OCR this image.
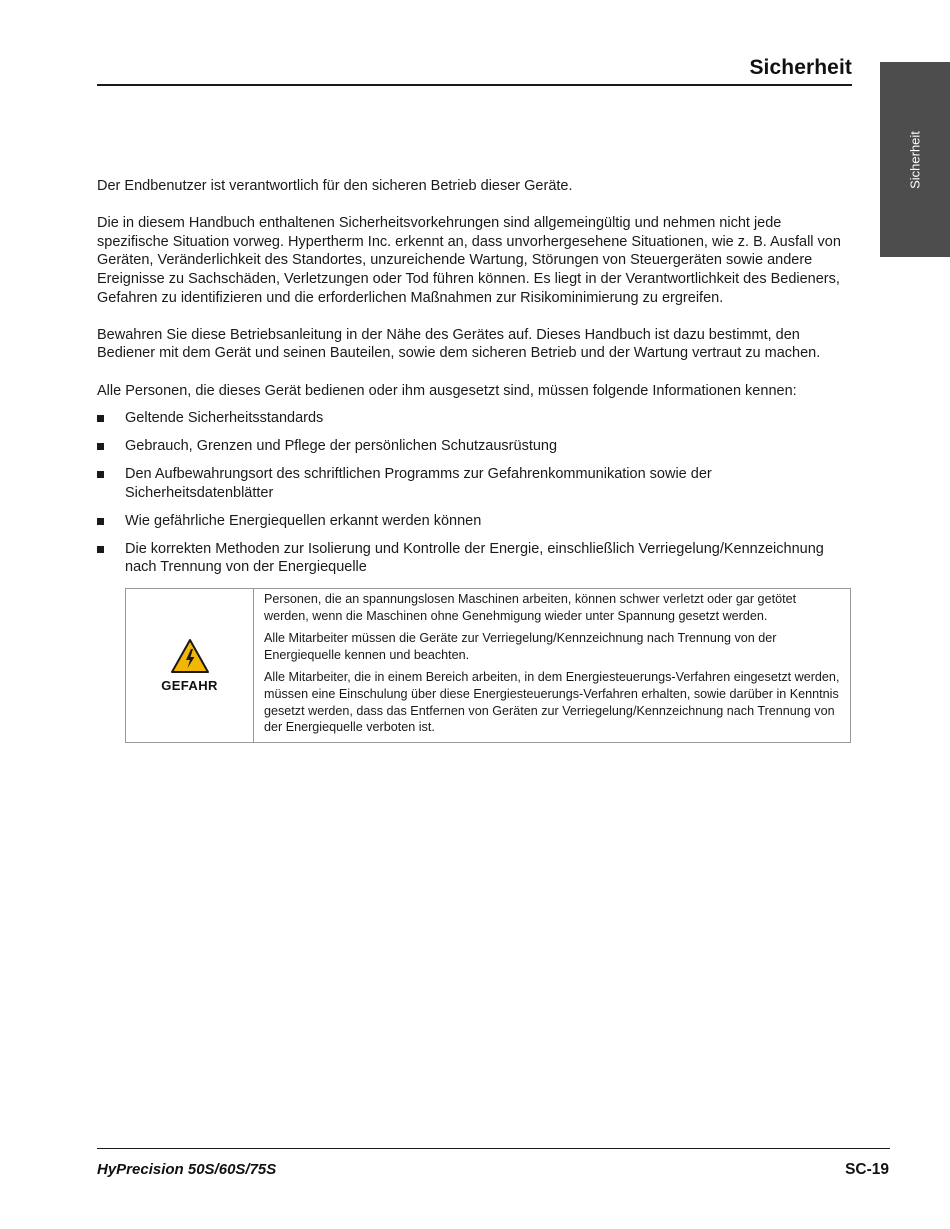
Sicherheit
Sicherheit

Der Endbenutzer ist verantwortlich für den sicheren Betrieb dieser Geräte.

Die in diesem Handbuch enthaltenen Sicherheitsvorkehrungen sind allgemeingültig und nehmen nicht jede spezifische Situation vorweg. Hypertherm Inc. erkennt an, dass unvorhergesehene Situationen, wie z. B. Ausfall von Geräten, Veränderlichkeit des Standortes, unzureichende Wartung, Störungen von Steuergeräten sowie andere Ereignisse zu Sachschäden, Verletzungen oder Tod führen können. Es liegt in der Verantwortlichkeit des Bedieners, Gefahren zu identifizieren und die erforderlichen Maßnahmen zur Risikominimierung zu ergreifen.

Bewahren Sie diese Betriebsanleitung in der Nähe des Gerätes auf. Dieses Handbuch ist dazu bestimmt, den Bediener mit dem Gerät und seinen Bauteilen, sowie dem sicheren Betrieb und der Wartung vertraut zu machen.

Alle Personen, die dieses Gerät bedienen oder ihm ausgesetzt sind, müssen folgende Informationen kennen:

Geltende Sicherheitsstandards
Gebrauch, Grenzen und Pflege der persönlichen Schutzausrüstung
Den Aufbewahrungsort des schriftlichen Programms zur Gefahrenkommunikation sowie der Sicherheitsdatenblätter
Wie gefährliche Energiequellen erkannt werden können
Die korrekten Methoden zur Isolierung und Kontrolle der Energie, einschließlich Verriegelung/Kennzeichnung nach Trennung von der Energiequelle
GEFAHR

Personen, die an spannungslosen Maschinen arbeiten, können schwer verletzt oder gar getötet werden, wenn die Maschinen ohne Genehmigung wieder unter Spannung gesetzt werden.

Alle Mitarbeiter müssen die Geräte zur Verriegelung/Kennzeichnung nach Trennung von der Energiequelle kennen und beachten.

Alle Mitarbeiter, die in einem Bereich arbeiten, in dem Energiesteuerungs-Verfahren eingesetzt werden, müssen eine Einschulung über diese Energiesteuerungs-Verfahren erhalten, sowie darüber in Kenntnis gesetzt werden, dass das Entfernen von Geräten zur Verriegelung/Kennzeichnung nach Trennung von der Energiequelle verboten ist.

HyPrecision 50S/60S/75S	SC-19
